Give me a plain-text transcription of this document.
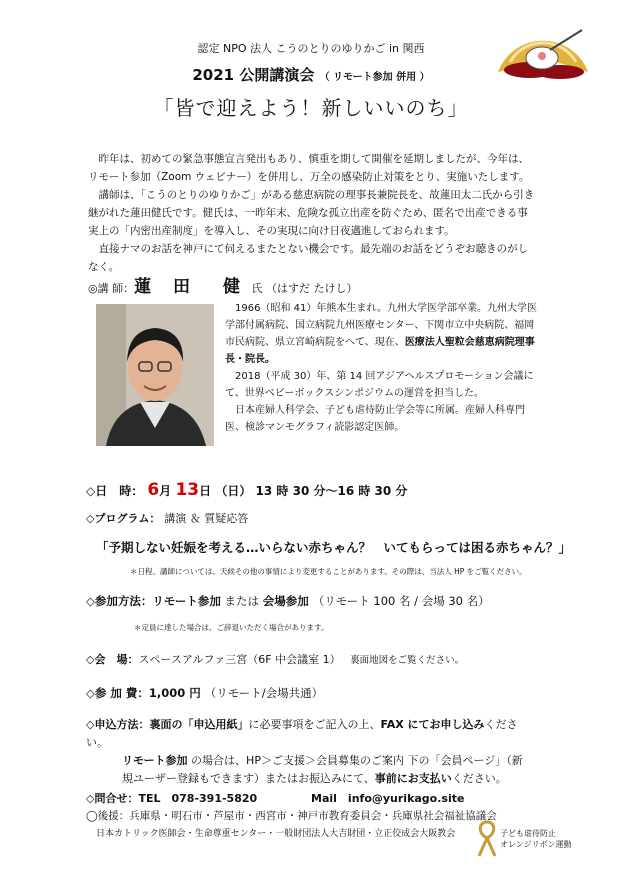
認定 NPO 法人 こうのとりのゆりかご in 関西
2021 公開講演会 （ リモート参加 併用 ）
「皆で迎えよう！新しいいのち」

昨年は、初めての緊急事態宣言発出もあり、慎重を期して開催を延期しましたが、今年は、リモート参加（Zoom ウェビナー）を併用し、万全の感染防止対策をとり、実施いたします。

講師は、「こうのとりのゆりかご」がある慈恵病院の理事長兼院長を、故蓮田太二氏から引き継がれた蓮田健氏です。健氏は、一昨年末、危険な孤立出産を防ぐため、匿名で出産できる事実上の「内密出産制度」を導入し、その実現に向け日夜邁進しておられます。

直接ナマのお話を神戸にて伺えるまたとない機会です。最先端のお話をどうぞお聴きのがしなく。

◎講 師：蓮 田　健 氏 （はすだ たけし）

1966（昭和 41）年熊本生まれ。九州大学医学部卒業。九州大学医学部付属病院、国立病院九州医療センター、下関市立中央病院、福岡市民病院、県立宮崎病院をへて、現在、医療法人聖粒会慈恵病院理事長・院長。

2018（平成 30）年、第 14 回アジアヘルスプロモーション会議にて、世界ベビーボックスシンポジウムの運営を担当した。

日本産婦人科学会、子ども虐待防止学会等に所属。産婦人科専門医、検診マンモグラフィ読影認定医師。

◇日　時： 6月 13日 （日） 13 時 30 分～16 時 30 分
◇プログラム： 講演 ＆ 質疑応答
「予期しない妊娠を考える…いらない赤ちゃん？　いてもらっては困る赤ちゃん？」
＊日程、講師については、天候その他の事情により変更することがあります。その際は、当法人 HP をご覧ください。
◇参加方法：リモート参加 または 会場参加 （リモート 100 名 / 会場 30 名）
＊定員に達した場合は、ご辞退いただく場合があります。
◇会　場：スペースアルファ三宮（6F 中会議室 1） 裏面地図をご覧ください。
◇参 加 費：1,000 円 （リモート/会場共通）
◇申込方法：裏面の「申込用紙」に必要事項をご記入の上、FAX にてお申し込みください。
リモート参加 の場合は、HP＞ご支援＞会員募集のご案内 下の「会員ページ」（新規ユーザー登録もできます）またはお振込みにて、事前にお支払いください。
◇問合せ：TEL　078-391-5820	Mail　info@yurikago.site
◯後援：兵庫県・明石市・芦屋市・西宮市・神戸市教育委員会・兵庫県社会福祉協議会
日本カトリック医師会・生命尊重センター・一般財団法人大吉財団・立正佼成会大阪教会	子ども虐待防止
オレンジリボン運動
